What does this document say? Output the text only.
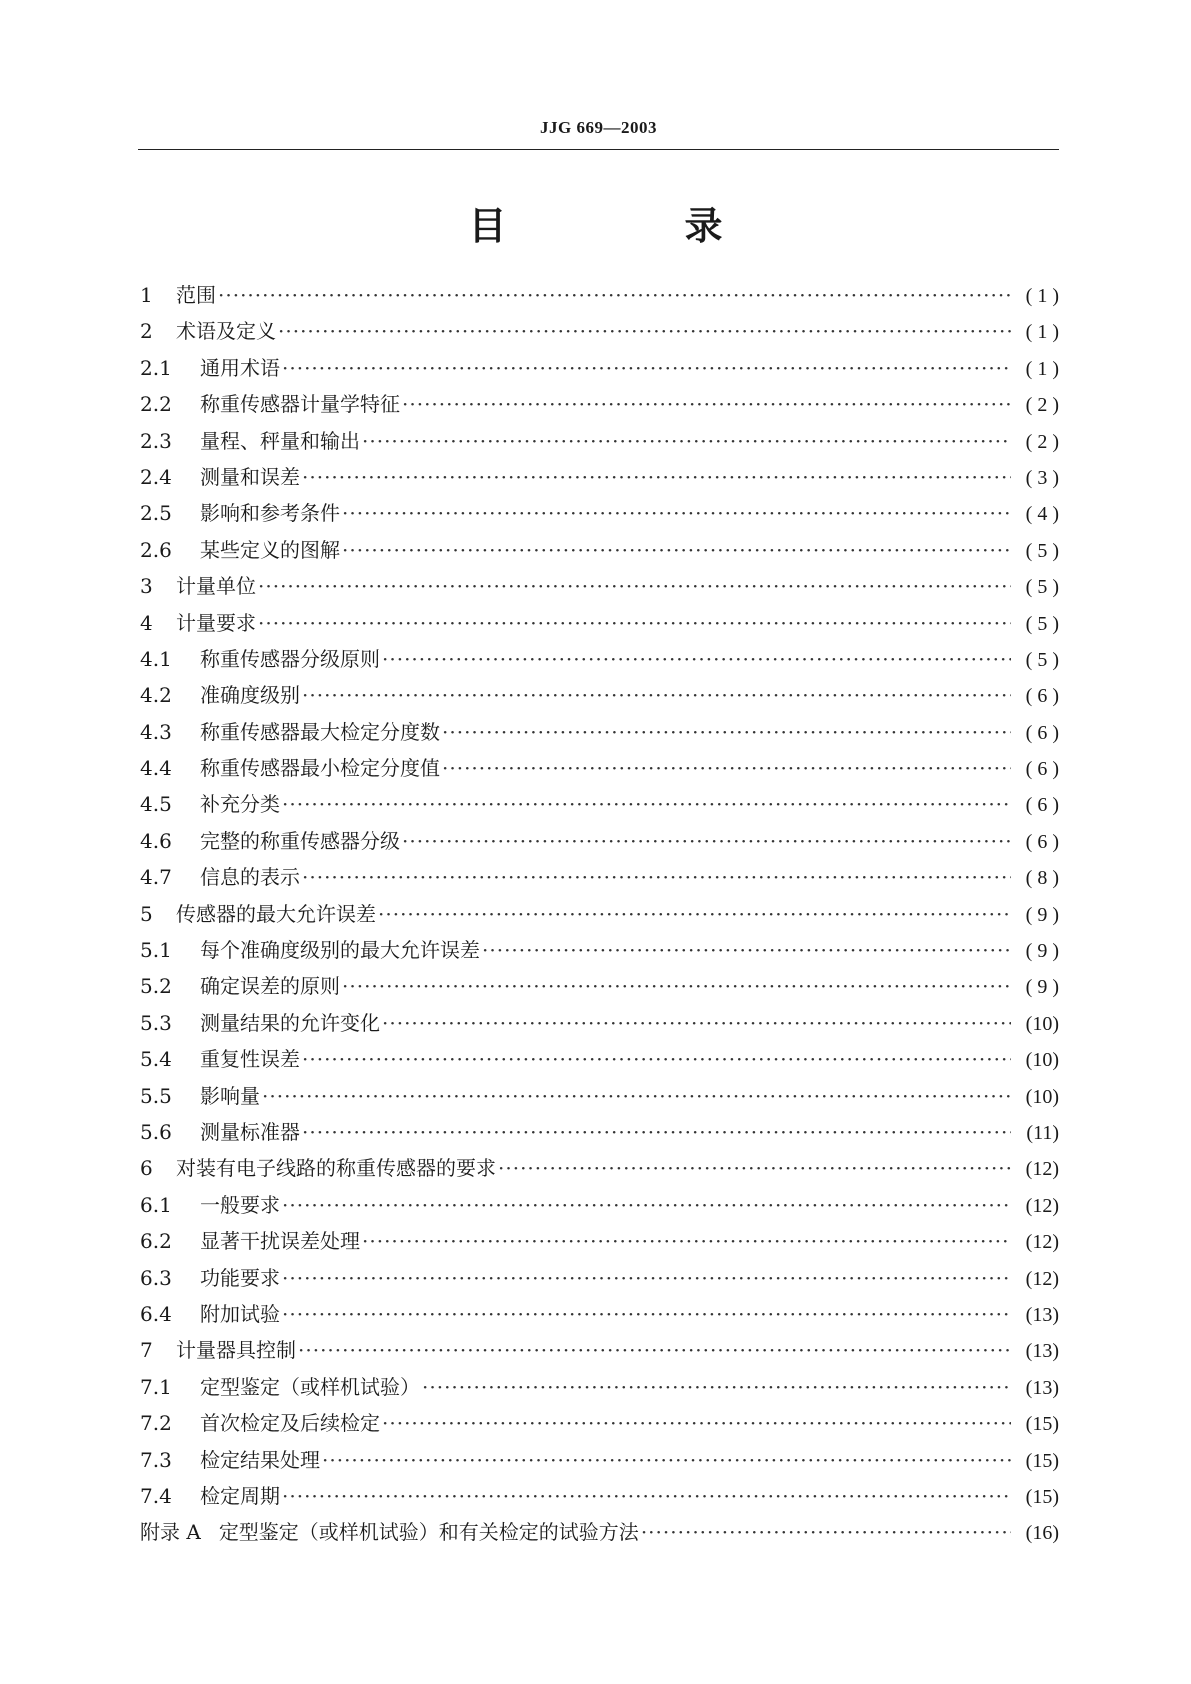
JJG 669—2003
目　录
1	范围 ·····	( 1 )
2	术语及定义 ·····	( 1 )
2.1	通用术语 ·····	( 1 )
2.2	称重传感器计量学特征 ·····	( 2 )
2.3	量程、秤量和输出 ·····	( 2 )
2.4	测量和误差 ·····	( 3 )
2.5	影响和参考条件 ·····	( 4 )
2.6	某些定义的图解 ·····	( 5 )
3	计量单位 ·····	( 5 )
4	计量要求 ·····	( 5 )
4.1	称重传感器分级原则 ·····	( 5 )
4.2	准确度级别 ·····	( 6 )
4.3	称重传感器最大检定分度数 ·····	( 6 )
4.4	称重传感器最小检定分度值 ·····	( 6 )
4.5	补充分类 ·····	( 6 )
4.6	完整的称重传感器分级 ·····	( 6 )
4.7	信息的表示 ·····	( 8 )
5	传感器的最大允许误差 ·····	( 9 )
5.1	每个准确度级别的最大允许误差 ·····	( 9 )
5.2	确定误差的原则 ·····	( 9 )
5.3	测量结果的允许变化 ·····	(10)
5.4	重复性误差 ·····	(10)
5.5	影响量 ·····	(10)
5.6	测量标准器 ·····	(11)
6	对装有电子线路的称重传感器的要求 ·····	(12)
6.1	一般要求 ·····	(12)
6.2	显著干扰误差处理 ·····	(12)
6.3	功能要求 ·····	(12)
6.4	附加试验 ·····	(13)
7	计量器具控制 ·····	(13)
7.1	定型鉴定（或样机试验） ·····	(13)
7.2	首次检定及后续检定 ·····	(15)
7.3	检定结果处理 ·····	(15)
7.4	检定周期 ·····	(15)
附录 A 定型鉴定（或样机试验）和有关检定的试验方法 ·····	(16)
